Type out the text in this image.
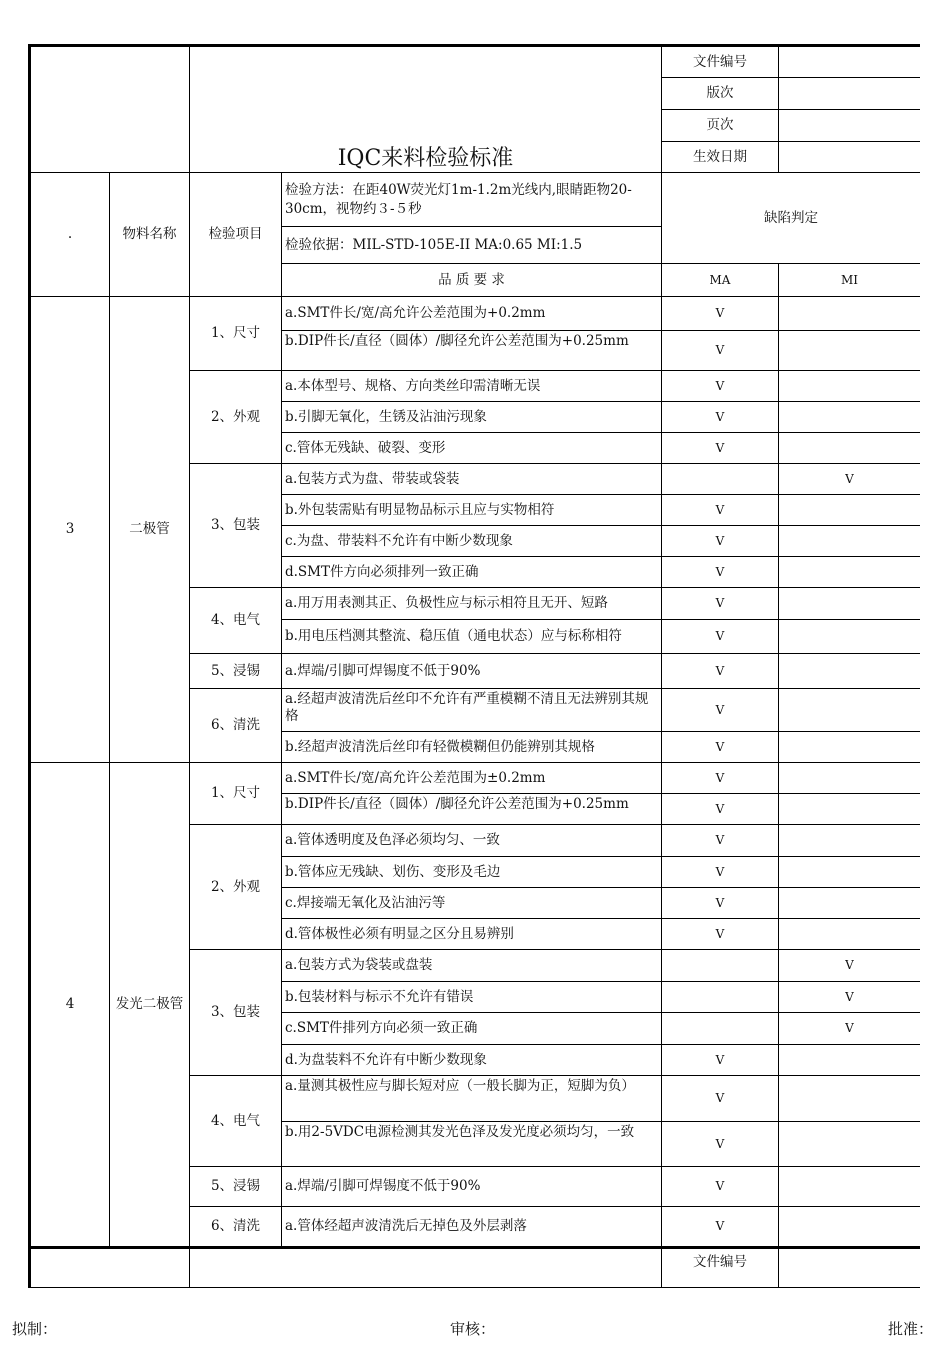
		IQC来料检验标准		文件编号	
				版次	
				页次	
				生效日期	
.	物料名称	检验项目	检验方法：在距40W荧光灯1m-1.2m光线内,眼睛距物20-30cm，视物约３-５秒	缺陷判定	
			检验依据：MIL-STD-105E-II MA:0.65 MI:1.5		
			品 质 要 求	MA	MI
3	二极管	1、尺寸	a.SMT件长/宽/高允许公差范围为+0.2mm	V	
			b.DIP件长/直径（圆体）/脚径允许公差范围为+0.25mm	V	
		2、外观	a.本体型号、规格、方向类丝印需清晰无误	V	
			b.引脚无氧化，生锈及沾油污现象	V	
			c.管体无残缺、破裂、变形	V	
		3、包装	a.包装方式为盘、带装或袋装		V
			b.外包装需贴有明显物品标示且应与实物相符	V	
			c.为盘、带装料不允许有中断少数现象	V	
			d.SMT件方向必须排列一致正确	V	
		4、电气	a.用万用表测其正、负极性应与标示相符且无开、短路	V	
			b.用电压档测其整流、稳压值（通电状态）应与标称相符	V	
		5、浸锡	a.焊端/引脚可焊锡度不低于90%	V	
		6、清洗	a.经超声波清洗后丝印不允许有严重模糊不清且无法辨别其规格	V	
			b.经超声波清洗后丝印有轻微模糊但仍能辨别其规格	V	
4	发光二极管	1、尺寸	a.SMT件长/宽/高允许公差范围为±0.2mm	V	
			b.DIP件长/直径（圆体）/脚径允许公差范围为+0.25mm	V	
		2、外观	a.管体透明度及色泽必须均匀、一致	V	
			b.管体应无残缺、划伤、变形及毛边	V	
			c.焊接端无氧化及沾油污等	V	
			d.管体极性必须有明显之区分且易辨别	V	
		3、包装	a.包装方式为袋装或盘装		V
			b.包装材料与标示不允许有错误		V
			c.SMT件排列方向必须一致正确		V
			d.为盘装料不允许有中断少数现象	V	
		4、电气	a.量测其极性应与脚长短对应（一般长脚为正，短脚为负）	V	
			b.用2-5VDC电源检测其发光色泽及发光度必须均匀，一致	V	
		5、浸锡	a.焊端/引脚可焊锡度不低于90%	V	
		6、清洗	a.管体经超声波清洗后无掉色及外层剥落	V	
				文件编号	
拟制：	审核：	批准：
